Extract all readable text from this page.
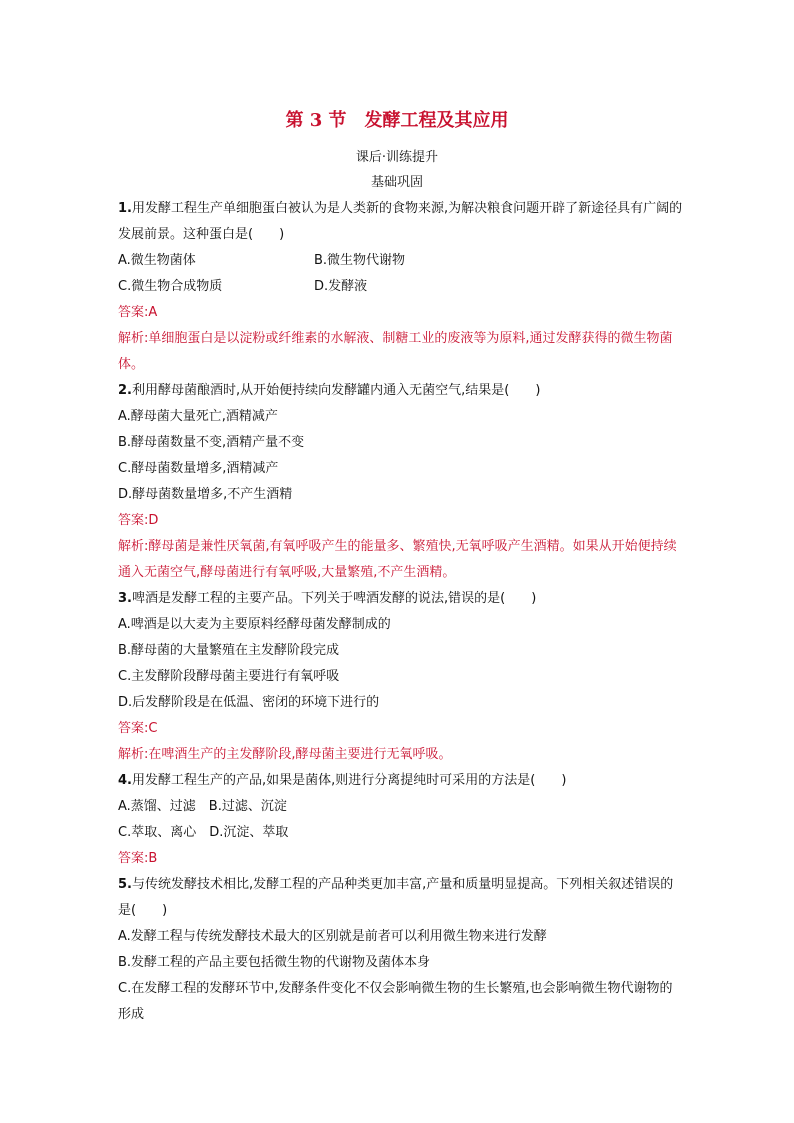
第 3 节　发酵工程及其应用
课后·训练提升
基础巩固
1.用发酵工程生产单细胞蛋白被认为是人类新的食物来源,为解决粮食问题开辟了新途径具有广阔的发展前景。这种蛋白是(　　)
A.微生物菌体	B.微生物代谢物
C.微生物合成物质	D.发酵液
答案:A
解析:单细胞蛋白是以淀粉或纤维素的水解液、制糖工业的废液等为原料,通过发酵获得的微生物菌体。
2.利用酵母菌酿酒时,从开始便持续向发酵罐内通入无菌空气,结果是(　　)
A.酵母菌大量死亡,酒精减产
B.酵母菌数量不变,酒精产量不变
C.酵母菌数量增多,酒精减产
D.酵母菌数量增多,不产生酒精
答案:D
解析:酵母菌是兼性厌氧菌,有氧呼吸产生的能量多、繁殖快,无氧呼吸产生酒精。如果从开始便持续通入无菌空气,酵母菌进行有氧呼吸,大量繁殖,不产生酒精。
3.啤酒是发酵工程的主要产品。下列关于啤酒发酵的说法,错误的是(　　)
A.啤酒是以大麦为主要原料经酵母菌发酵制成的
B.酵母菌的大量繁殖在主发酵阶段完成
C.主发酵阶段酵母菌主要进行有氧呼吸
D.后发酵阶段是在低温、密闭的环境下进行的
答案:C
解析:在啤酒生产的主发酵阶段,酵母菌主要进行无氧呼吸。
4.用发酵工程生产的产品,如果是菌体,则进行分离提纯时可采用的方法是(　　)
A.蒸馏、过滤　B.过滤、沉淀
C.萃取、离心　D.沉淀、萃取
答案:B
5.与传统发酵技术相比,发酵工程的产品种类更加丰富,产量和质量明显提高。下列相关叙述错误的是(　　)
A.发酵工程与传统发酵技术最大的区别就是前者可以利用微生物来进行发酵
B.发酵工程的产品主要包括微生物的代谢物及菌体本身
C.在发酵工程的发酵环节中,发酵条件变化不仅会影响微生物的生长繁殖,也会影响微生物代谢物的形成
